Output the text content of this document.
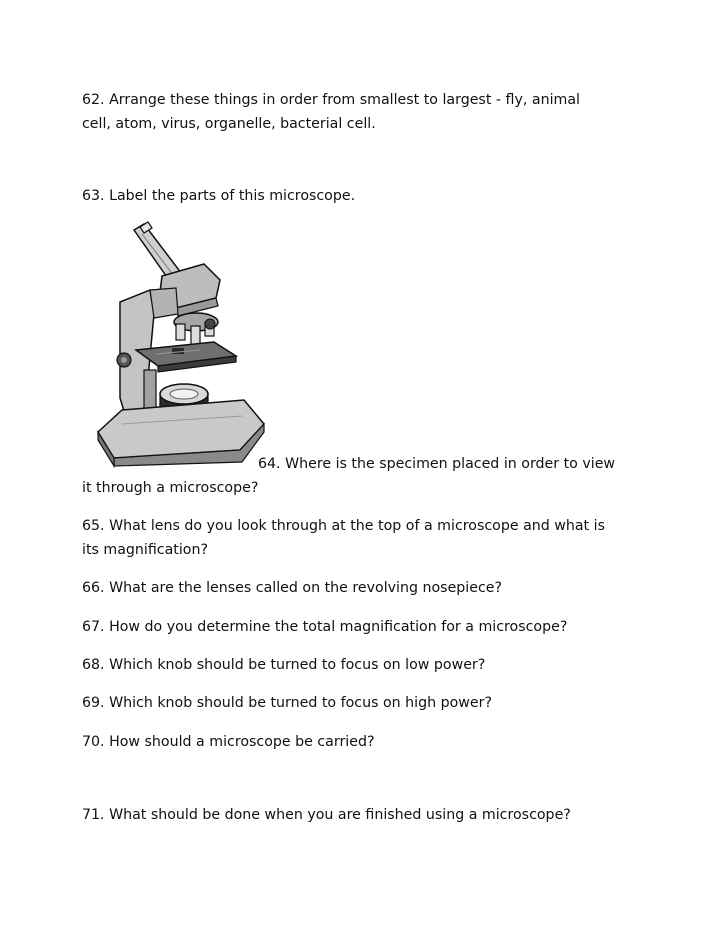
62. Arrange these things in order from smallest to largest - fly, animal
cell, atom, virus, organelle, bacterial cell.
63. Label the parts of this microscope.
64. Where is the specimen placed in order to view
it through a microscope?
65. What lens do you look through at the top of a microscope and what is
its magnification?
66. What are the lenses called on the revolving nosepiece?
67. How do you determine the total magnification for a microscope?
68. Which knob should be turned to focus on low power?
69. Which knob should be turned to focus on high power?
70. How should a microscope be carried?
71. What should be done when you are finished using a microscope?
